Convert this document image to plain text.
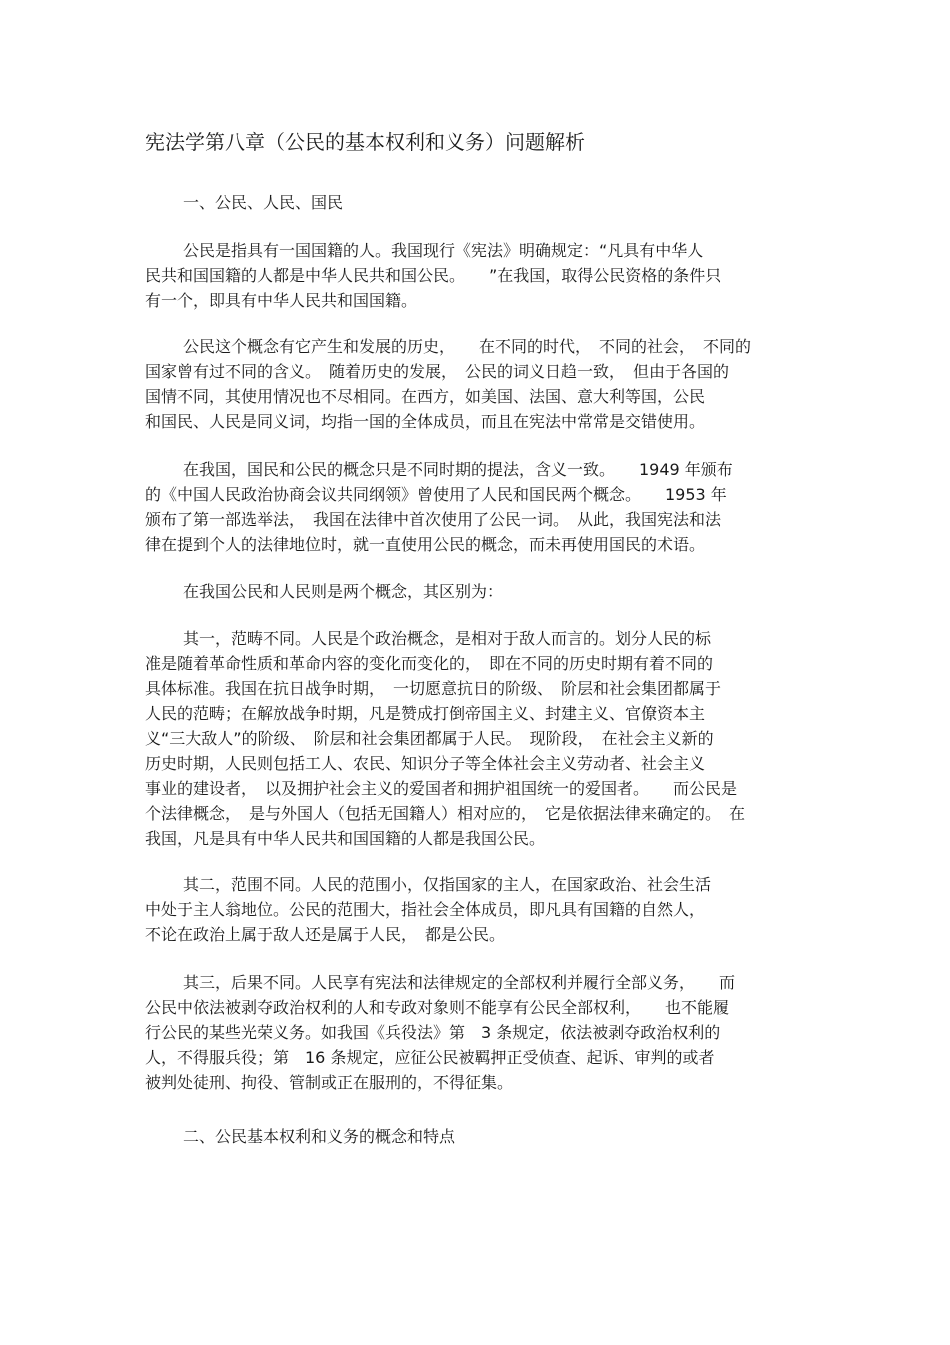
宪法学第八章（公民的基本权利和义务）问题解析

一、公民、人民、国民

公民是指具有一国国籍的人。我国现行《宪法》明确规定：“凡具有中华人
民共和国国籍的人都是中华人民共和国公民。　　”在我国，取得公民资格的条件只
有一个，即具有中华人民共和国国籍。
公民这个概念有它产生和发展的历史，　　在不同的时代，　不同的社会，　不同的
国家曾有过不同的含义。　随着历史的发展，　公民的词义日趋一致，　但由于各国的
国情不同，其使用情况也不尽相同。在西方，如美国、法国、意大利等国，公民
和国民、人民是同义词，均指一国的全体成员，而且在宪法中常常是交错使用。
在我国，国民和公民的概念只是不同时期的提法，含义一致。　　1949 年颁布
的《中国人民政治协商会议共同纲领》曾使用了人民和国民两个概念。　　1953 年
颁布了第一部选举法，　我国在法律中首次使用了公民一词。　从此，我国宪法和法
律在提到个人的法律地位时，就一直使用公民的概念，而未再使用国民的术语。
在我国公民和人民则是两个概念，其区别为：
其一，范畴不同。人民是个政治概念，是相对于敌人而言的。划分人民的标
准是随着革命性质和革命内容的变化而变化的，　即在不同的历史时期有着不同的
具体标准。我国在抗日战争时期，　一切愿意抗日的阶级、　阶层和社会集团都属于
人民的范畴；在解放战争时期，凡是赞成打倒帝国主义、封建主义、官僚资本主
义“三大敌人”的阶级、　阶层和社会集团都属于人民。　现阶段，　在社会主义新的
历史时期，人民则包括工人、农民、知识分子等全体社会主义劳动者、社会主义
事业的建设者，　以及拥护社会主义的爱国者和拥护祖国统一的爱国者。　　而公民是
个法律概念，　是与外国人（包括无国籍人）相对应的，　它是依据法律来确定的。　在
我国，凡是具有中华人民共和国国籍的人都是我国公民。
其二，范围不同。人民的范围小，仅指国家的主人，在国家政治、社会生活
中处于主人翁地位。公民的范围大，指社会全体成员，即凡具有国籍的自然人，
不论在政治上属于敌人还是属于人民，　都是公民。
其三，后果不同。人民享有宪法和法律规定的全部权利并履行全部义务，　　而
公民中依法被剥夺政治权利的人和专政对象则不能享有公民全部权利，　　也不能履
行公民的某些光荣义务。如我国《兵役法》第　3 条规定，依法被剥夺政治权利的
人，不得服兵役；第　16 条规定，应征公民被羁押正受侦查、起诉、审判的或者
被判处徒刑、拘役、管制或正在服刑的，不得征集。

二、公民基本权利和义务的概念和特点
